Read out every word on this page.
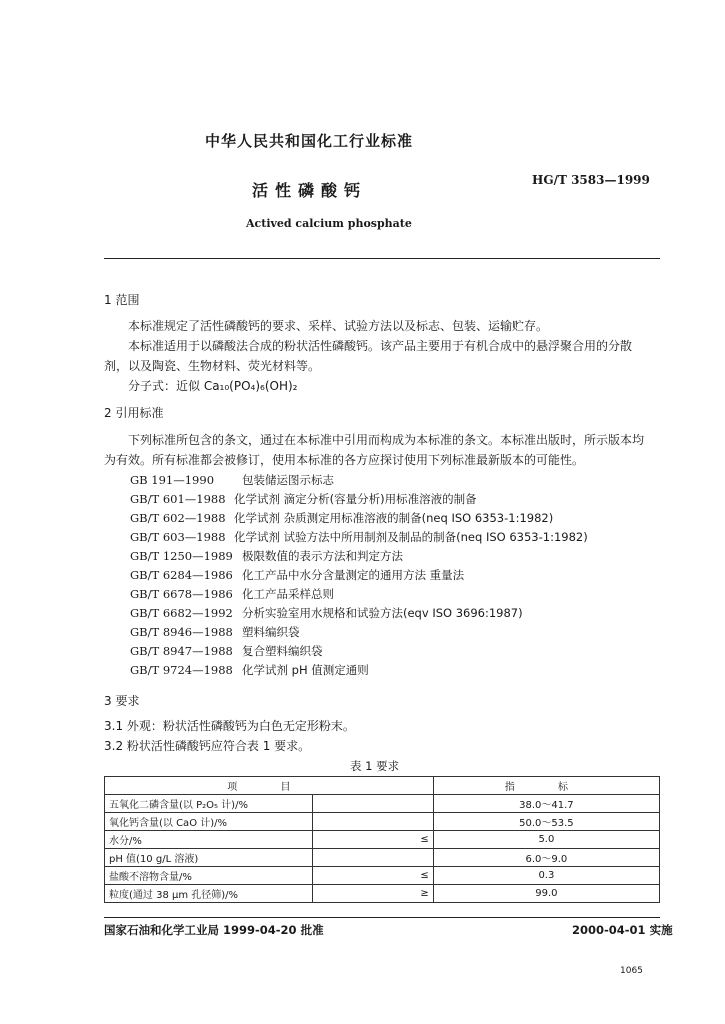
中华人民共和国化工行业标准
活性磷酸钙
HG/T 3583—1999
Actived calcium phosphate
1 范围
本标准规定了活性磷酸钙的要求、采样、试验方法以及标志、包装、运输贮存。
本标准适用于以磷酸法合成的粉状活性磷酸钙。该产品主要用于有机合成中的悬浮聚合用的分散
剂，以及陶瓷、生物材料、荧光材料等。
分子式：近似 Ca₁₀(PO₄)₆(OH)₂
2 引用标准
下列标准所包含的条文，通过在本标准中引用而构成为本标准的条文。本标准出版时，所示版本均
为有效。所有标准都会被修订，使用本标准的各方应探讨使用下列标准最新版本的可能性。
GB 191—1990 包装储运图示标志
GB/T 601—1988 化学试剂 滴定分析(容量分析)用标准溶液的制备
GB/T 602—1988 化学试剂 杂质测定用标准溶液的制备(neq ISO 6353-1:1982)
GB/T 603—1988 化学试剂 试验方法中所用制剂及制品的制备(neq ISO 6353-1:1982)
GB/T 1250—1989 极限数值的表示方法和判定方法
GB/T 6284—1986 化工产品中水分含量测定的通用方法 重量法
GB/T 6678—1986 化工产品采样总则
GB/T 6682—1992 分析实验室用水规格和试验方法(eqv ISO 3696:1987)
GB/T 8946—1988 塑料编织袋
GB/T 8947—1988 复合塑料编织袋
GB/T 9724—1988 化学试剂 pH 值测定通则
3 要求
3.1 外观：粉状活性磷酸钙为白色无定形粉末。
3.2 粉状活性磷酸钙应符合表 1 要求。
表 1 要求
项 目		指 标
五氧化二磷含量(以 P₂O₅ 计)/%		38.0～41.7
氧化钙含量(以 CaO 计)/%		50.0～53.5
水分/%	≤	5.0
pH 值(10 g/L 溶液)		6.0～9.0
盐酸不溶物含量/%	≤	0.3
粒度(通过 38 μm 孔径筛)/%	≥	99.0
国家石油和化学工业局 1999-04-20 批准	2000-04-01 实施
1065
